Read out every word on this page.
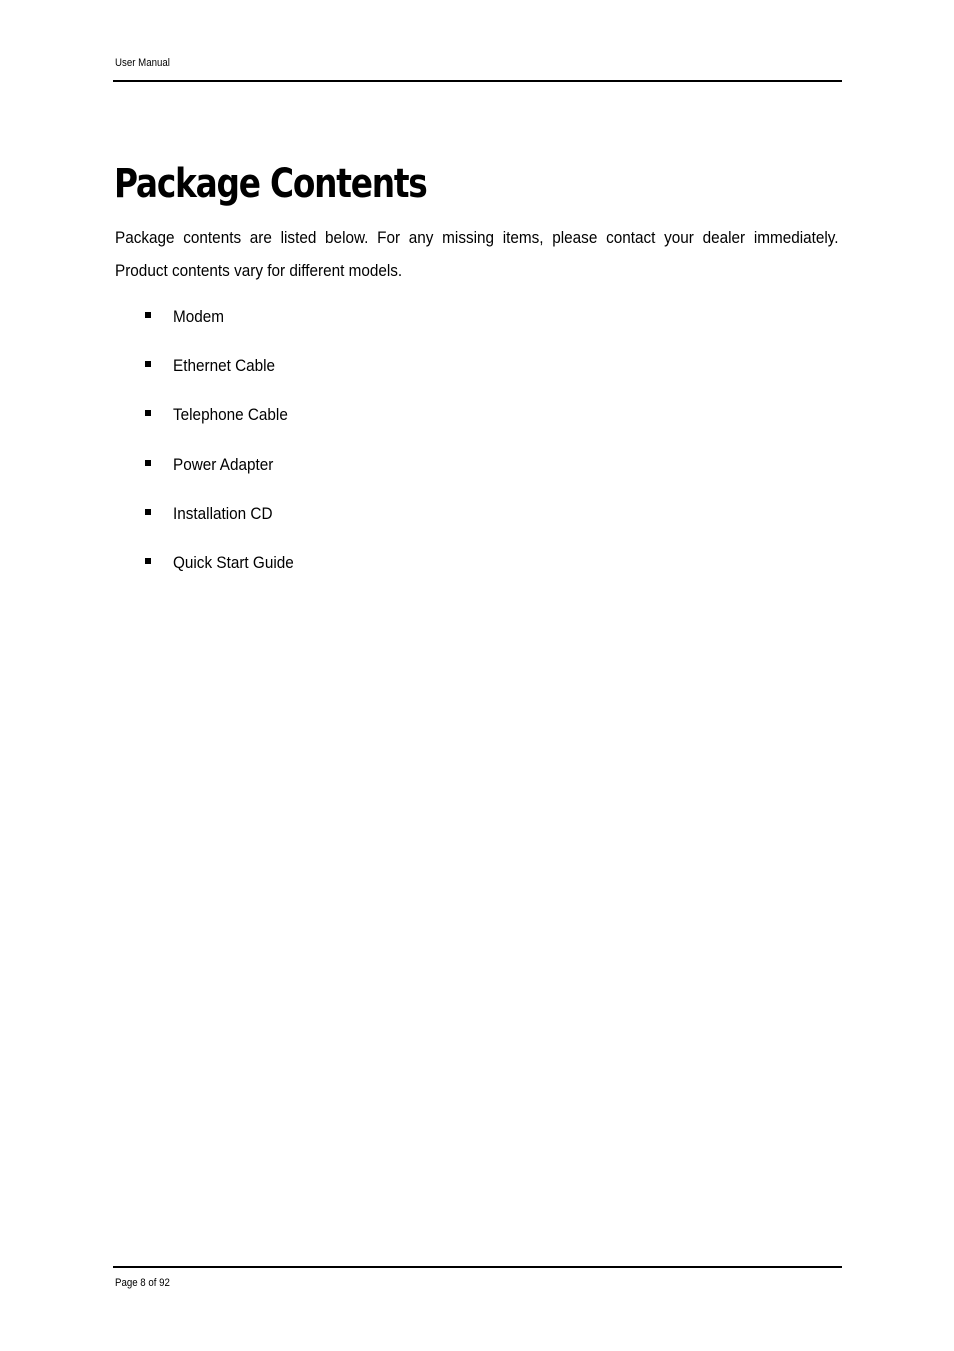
User Manual
Package Contents
Package contents are listed below. For any missing items, please contact your dealer immediately.
Product contents vary for different models.
Modem
Ethernet Cable
Telephone Cable
Power Adapter
Installation CD
Quick Start Guide
Page 8 of 92
